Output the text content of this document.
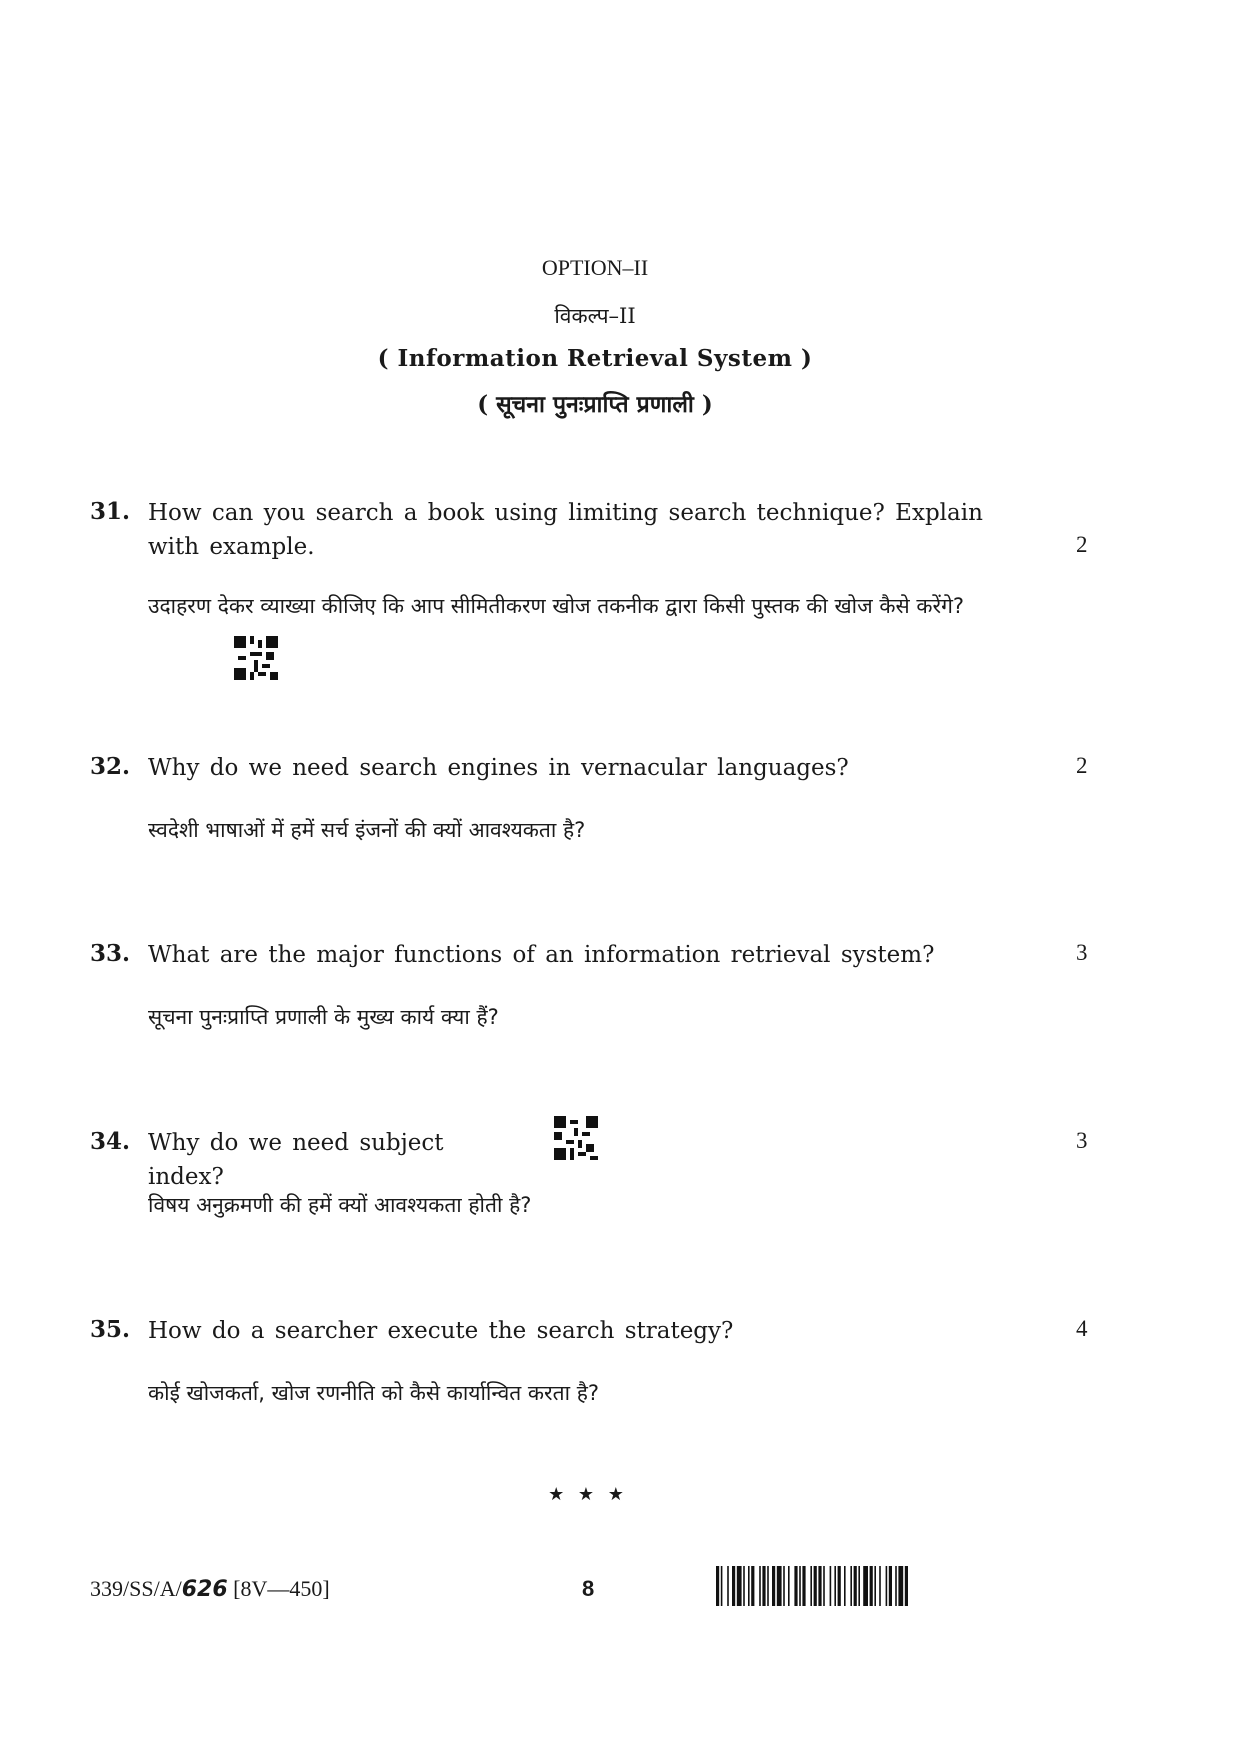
OPTION–II
विकल्प–II
( Information Retrieval System )
( सूचना पुनःप्राप्ति प्रणाली )
31. How can you search a book using limiting search technique? Explain with example.	2
उदाहरण देकर व्याख्या कीजिए कि आप सीमितीकरण खोज तकनीक द्वारा किसी पुस्तक की खोज कैसे करेंगे?
32. Why do we need search engines in vernacular languages?	2
स्वदेशी भाषाओं में हमें सर्च इंजनों की क्यों आवश्यकता है?
33. What are the major functions of an information retrieval system?	3
सूचना पुनःप्राप्ति प्रणाली के मुख्य कार्य क्या हैं?
34. Why do we need subject index?
3
विषय अनुक्रमणी की हमें क्यों आवश्यकता होती है?
35. How do a searcher execute the search strategy?	4
कोई खोजकर्ता, खोज रणनीति को कैसे कार्यान्वित करता है?
★ ★ ★
339/SS/A/626 [8V—450]	8
